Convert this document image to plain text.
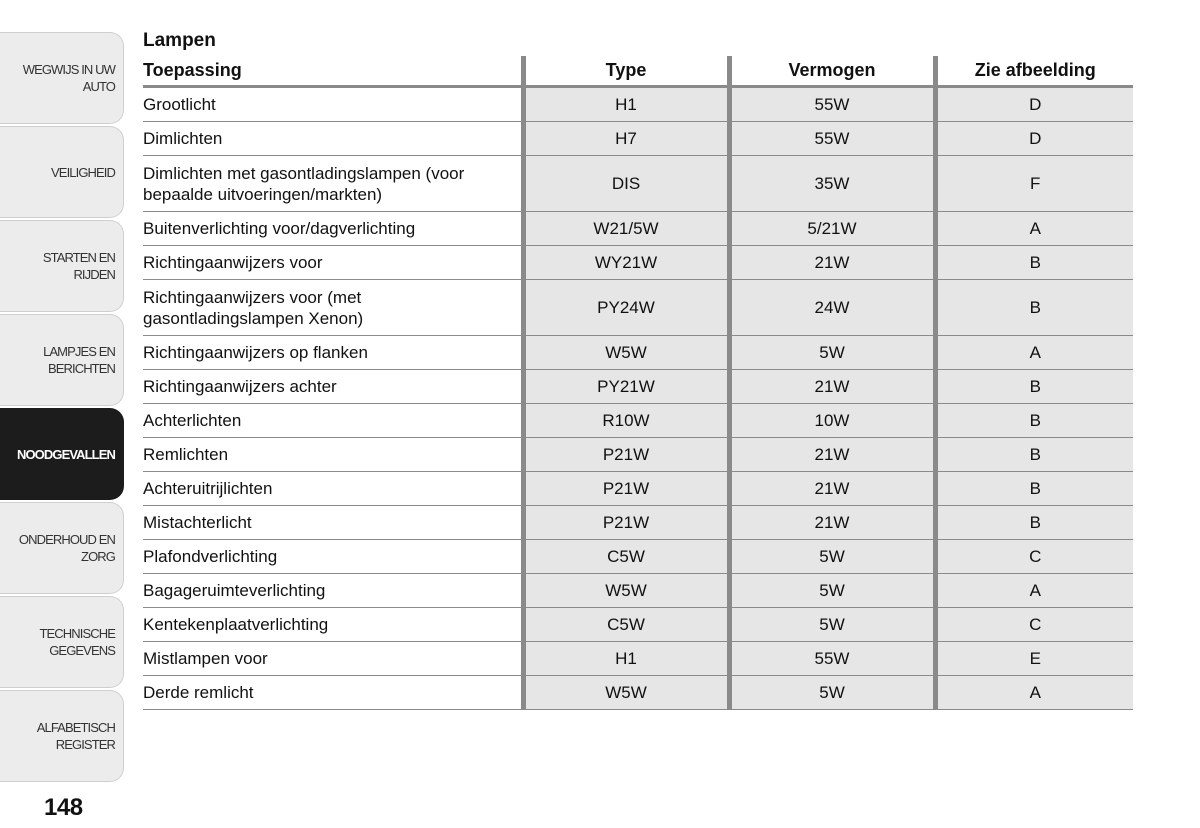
WEGWIJS IN UW AUTO
VEILIGHEID
STARTEN EN RIJDEN
LAMPJES EN BERICHTEN
NOODGEVALLEN
ONDERHOUD EN ZORG
TECHNISCHE GEGEVENS
ALFABETISCH REGISTER
148
Lampen
Toepassing	Type	Vermogen	Zie afbeelding
Grootlicht	H1	55W	D
Dimlichten	H7	55W	D
Dimlichten met gasontladingslampen (voor bepaalde uitvoeringen/markten)	DIS	35W	F
Buitenverlichting voor/dagverlichting	W21/5W	5/21W	A
Richtingaanwijzers voor	WY21W	21W	B
Richtingaanwijzers voor (met gasontladingslampen Xenon)	PY24W	24W	B
Richtingaanwijzers op flanken	W5W	5W	A
Richtingaanwijzers achter	PY21W	21W	B
Achterlichten	R10W	10W	B
Remlichten	P21W	21W	B
Achteruitrijlichten	P21W	21W	B
Mistachterlicht	P21W	21W	B
Plafondverlichting	C5W	5W	C
Bagageruimteverlichting	W5W	5W	A
Kentekenplaatverlichting	C5W	5W	C
Mistlampen voor	H1	55W	E
Derde remlicht	W5W	5W	A
